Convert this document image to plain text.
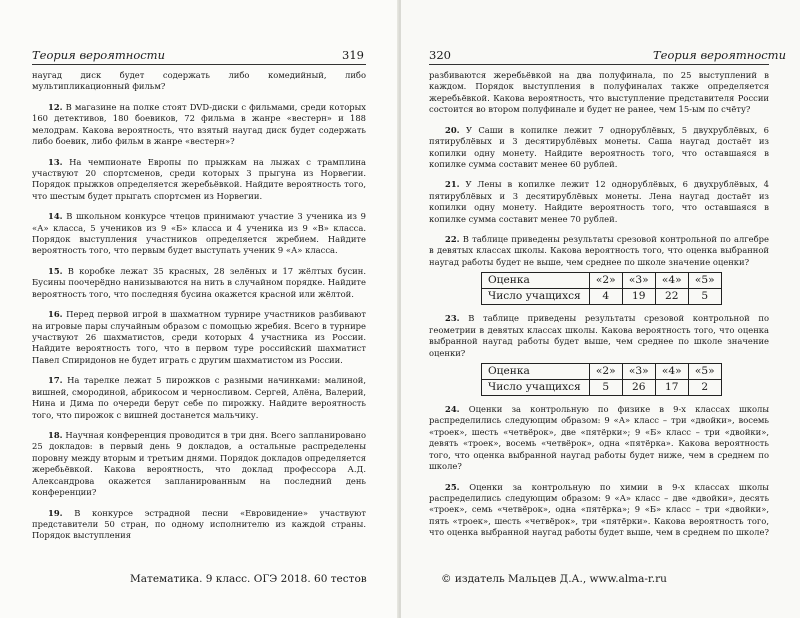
Теория вероятности	319

наугад диск будет содержать либо комедийный, либо мультипликационный фильм?

12. В магазине на полке стоят DVD-диски с фильмами, среди которых 160 детективов, 180 боевиков, 72 фильма в жанре «вестерн» и 188 мелодрам. Какова вероятность, что взятый наугад диск будет содержать либо боевик, либо фильм в жанре «вестерн»?

13. На чемпионате Европы по прыжкам на лыжах с трамплина участвуют 20 спортсменов, среди которых 3 прыгуна из Норвегии. Порядок прыжков определяется жеребьёвкой. Найдите вероятность того, что шестым будет прыгать спортсмен из Норвегии.

14. В школьном конкурсе чтецов принимают участие 3 ученика из 9 «А» класса, 5 учеников из 9 «Б» класса и 4 ученика из 9 «В» класса. Порядок выступления участников определяется жребием. Найдите вероятность того, что первым будет выступать ученик 9 «А» класса.

15. В коробке лежат 35 красных, 28 зелёных и 17 жёлтых бусин. Бусины поочерёдно нанизываются на нить в случайном порядке. Найдите вероятность того, что последняя бусина окажется красной или жёлтой.

16. Перед первой игрой в шахматном турнире участников разбивают на игровые пары случайным образом с помощью жребия. Всего в турнире участвуют 26 шахматистов, среди которых 4 участника из России. Найдите вероятность того, что в первом туре российский шахматист Павел Спиридонов не будет играть с другим шахматистом из России.

17. На тарелке лежат 5 пирожков с разными начинками: малиной, вишней, смородиной, абрикосом и черносливом. Сергей, Алёна, Валерий, Нина и Дима по очереди берут себе по пирожку. Найдите вероятность того, что пирожок с вишней достанется мальчику.

18. Научная конференция проводится в три дня. Всего запланировано 25 докладов: в первый день 9 докладов, а остальные распределены поровну между вторым и третьим днями. Порядок докладов определяется жеребьёвкой. Какова вероятность, что доклад профессора А.Д. Александрова окажется запланированным на последний день конференции?

19. В конкурсе эстрадной песни «Евровидение» участвуют представители 50 стран, по одному исполнителю из каждой страны. Порядок выступления

Математика. 9 класс. ОГЭ 2018. 60 тестов
320	Теория вероятности

разбиваются жеребьёвкой на два полуфинала, по 25 выступлений в каждом. Порядок выступления в полуфиналах также определяется жеребьёвкой. Какова вероятность, что выступление представителя России состоится во втором полуфинале и будет не ранее, чем 15-ым по счёту?

20. У Саши в копилке лежит 7 однорублёвых, 5 двухрублёвых, 6 пятирублёвых и 3 десятирублёвых монеты. Саша наугад достаёт из копилки одну монету. Найдите вероятность того, что оставшаяся в копилке сумма составит менее 60 рублей.

21. У Лены в копилке лежит 12 однорублёвых, 6 двухрублёвых, 4 пятирублёвых и 3 десятирублёвых монеты. Лена наугад достаёт из копилки одну монету. Найдите вероятность того, что оставшаяся в копилке сумма составит менее 70 рублей.

22. В таблице приведены результаты срезовой контрольной по алгебре в девятых классах школы. Какова вероятность того, что оценка выбранной наугад работы будет не выше, чем среднее по школе значение оценки?

Оценка	«2»	«3»	«4»	«5»
Число учащихся	4	19	22	5

23. В таблице приведены результаты срезовой контрольной по геометрии в девятых классах школы. Какова вероятность того, что оценка выбранной наугад работы будет выше, чем среднее по школе значение оценки?

Оценка	«2»	«3»	«4»	«5»
Число учащихся	5	26	17	2

24. Оценки за контрольную по физике в 9-х классах школы распределились следующим образом: 9 «А» класс – три «двойки», восемь «троек», шесть «четвёрок», две «пятёрки»; 9 «Б» класс – три «двойки», девять «троек», восемь «четвёрок», одна «пятёрка». Какова вероятность того, что оценка выбранной наугад работы будет ниже, чем в среднем по школе?

25. Оценки за контрольную по химии в 9-х классах школы распределились следующим образом: 9 «А» класс – две «двойки», десять «троек», семь «четвёрок», одна «пятёрка»; 9 «Б» класс – три «двойки», пять «троек», шесть «четвёрок», три «пятёрки». Какова вероятность того, что оценка выбранной наугад работы будет выше, чем в среднем по школе?

© издатель Мальцев Д.А., www.alma-r.ru
